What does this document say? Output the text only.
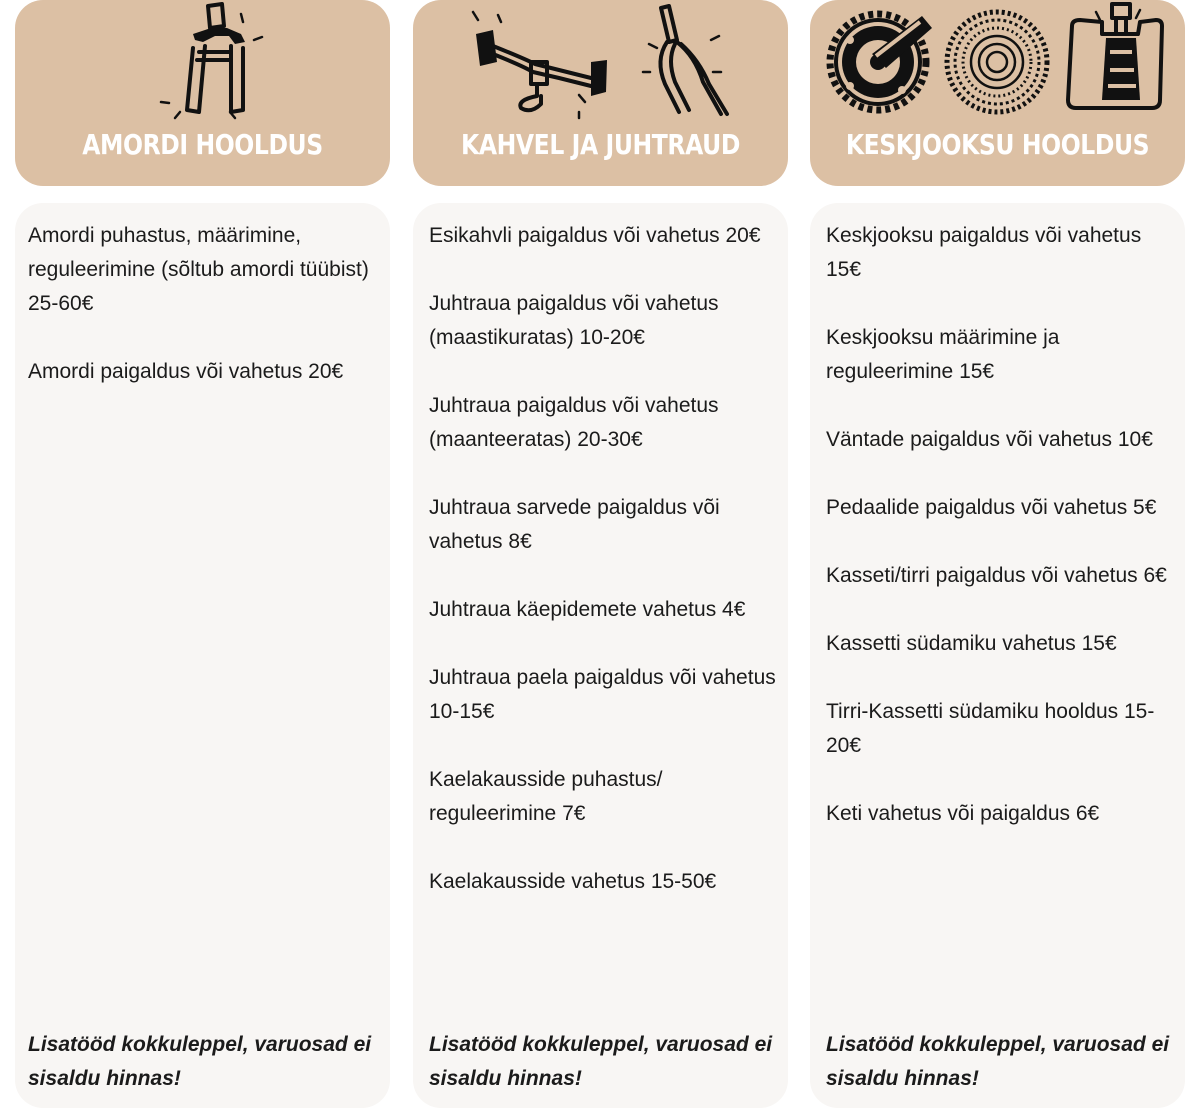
AMORDI HOOLDUS
Amordi puhastus, määrimine, reguleerimine (sõltub amordi tüübist) 25-60€
Amordi paigaldus või vahetus 20€
Lisatööd kokkuleppel, varuosad ei sisaldu hinnas!
KAHVEL JA JUHTRAUD
Esikahvli paigaldus või vahetus 20€
Juhtraua paigaldus või vahetus (maastikuratas) 10-20€
Juhtraua paigaldus või vahetus (maanteeratas) 20-30€
Juhtraua sarvede paigaldus või vahetus 8€
Juhtraua käepidemete vahetus 4€
Juhtraua paela paigaldus või vahetus 10-15€
Kaelakausside puhastus/ reguleerimine 7€
Kaelakausside vahetus 15-50€
Lisatööd kokkuleppel, varuosad ei sisaldu hinnas!
KESKJOOKSU HOOLDUS
Keskjooksu paigaldus või vahetus 15€
Keskjooksu määrimine ja reguleerimine 15€
Väntade paigaldus või vahetus 10€
Pedaalide paigaldus või vahetus 5€
Kasseti/tirri paigaldus või vahetus 6€
Kassetti südamiku vahetus 15€
Tirri-Kassetti südamiku hooldus 15-20€
Keti vahetus või paigaldus 6€
Lisatööd kokkuleppel, varuosad ei sisaldu hinnas!
